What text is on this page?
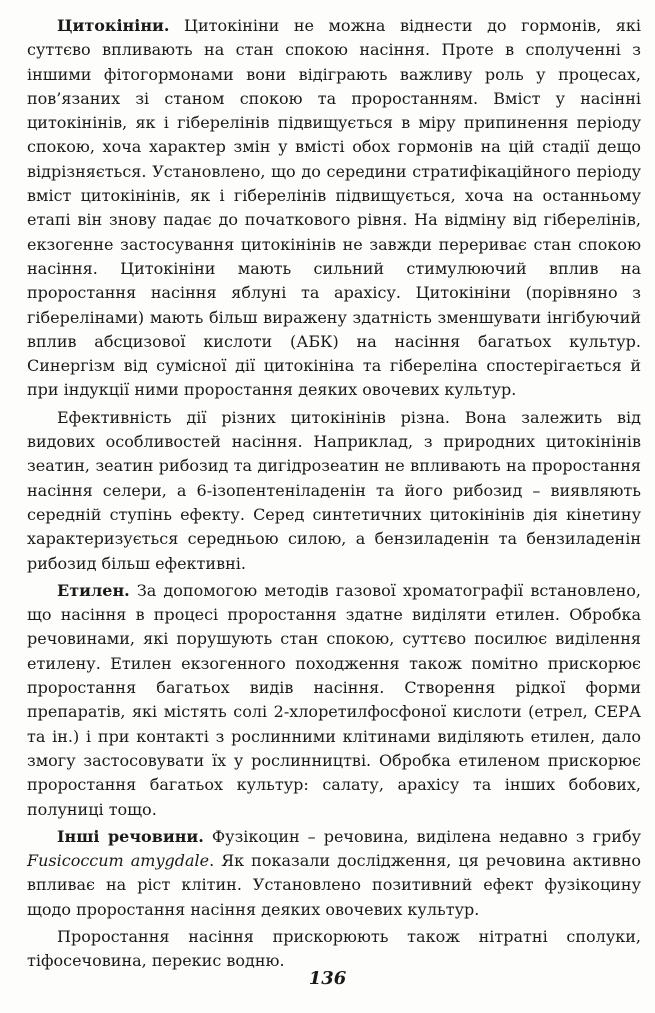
Цитокініни. Цитокініни не можна віднести до гормонів, які суттєво впливають на стан спокою насіння. Проте в сполученні з іншими фітогормонами вони відіграють важливу роль у процесах, пов’язаних зі станом спокою та проростанням. Вміст у насінні цитокінінів, як і гіберелінів підвищується в міру припинення періоду спокою, хоча характер змін у вмісті обох гормонів на цій стадії дещо відрізняється. Установлено, що до середини стратифікаційного періоду вміст цитокінінів, як і гіберелінів підвищується, хоча на останньому етапі він знову падає до початкового рівня. На відміну від гіберелінів, екзогенне застосування цитокінінів не завжди перериває стан спокою насіння. Цитокініни мають сильний стимулюючий вплив на проростання насіння яблуні та арахісу. Цитокініни (порівняно з гіберелінами) мають більш виражену здатність зменшувати інгібуючий вплив абсцизової кислоти (АБК) на насіння багатьох культур. Синергізм від сумісної дії цитокініна та гібереліна спостерігається й при індукції ними проростання деяких овочевих культур.

Ефективність дії різних цитокінінів різна. Вона залежить від видових особливостей насіння. Наприклад, з природних цитокінінів зеатин, зеатин рибозид та дигідрозеатин не впливають на проростання насіння селери, а 6-ізопентеніладенін та його рибозид – виявляють середній ступінь ефекту. Серед синтетичних цитокінінів дія кінетину характеризується середньою силою, а бензиладенін та бензиладенін рибозид більш ефективні.

Етилен. За допомогою методів газової хроматографії встановлено, що насіння в процесі проростання здатне виділяти етилен. Обробка речовинами, які порушують стан спокою, суттєво посилює виділення етилену. Етилен екзогенного походження також помітно прискорює проростання багатьох видів насіння. Створення рідкої форми препаратів, які містять солі 2-хлоретилфосфоної кислоти (етрел, СЕРА та ін.) і при контакті з рослинними клітинами виділяють етилен, дало змогу застосовувати їх у рослинництві. Обробка етиленом прискорює проростання багатьох культур: салату, арахісу та інших бобових, полуниці тощо.

Інші речовини. Фузікоцин – речовина, виділена недавно з грибу Fusicoccum amygdale. Як показали дослідження, ця речовина активно впливає на ріст клітин. Установлено позитивний ефект фузікоцину щодо проростання насіння деяких овочевих культур.

Проростання насіння прискорюють також нітратні сполуки, тіфосечовина, перекис водню.

136
